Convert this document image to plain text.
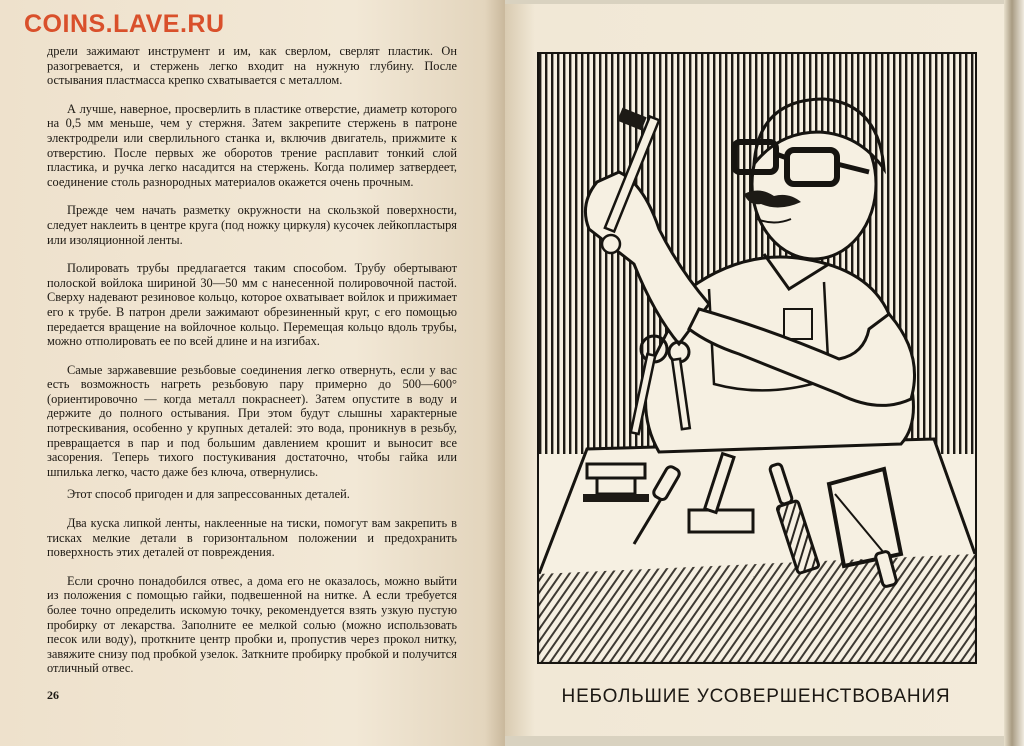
дрели зажимают инструмент и им, как сверлом, сверлят пластик. Он разогревается, и стержень легко входит на нужную глубину. После остывания пластмасса крепко схватывается с металлом.

А лучше, наверное, просверлить в пластике отверстие, диаметр которого на 0,5 мм меньше, чем у стержня. Затем закрепите стержень в патроне электродрели или сверлильного станка и, включив двигатель, прижмите к отверстию. После первых же оборотов трение расплавит тонкий слой пластика, и ручка легко насадится на стержень. Когда полимер затвердеет, соединение столь разнородных материалов окажется очень прочным.

Прежде чем начать разметку окружности на скользкой поверхности, следует наклеить в центре круга (под ножку циркуля) кусочек лейкопластыря или изоляционной ленты.

Полировать трубы предлагается таким способом. Трубу обертывают полоской войлока шириной 30—50 мм с нанесенной полировочной пастой. Сверху надевают резиновое кольцо, которое охватывает войлок и прижимает его к трубе. В патрон дрели зажимают обрезиненный круг, с его помощью передается вращение на войлочное кольцо. Перемещая кольцо вдоль трубы, можно отполировать ее по всей длине и на изгибах.

Самые заржавевшие резьбовые соединения легко отвернуть, если у вас есть возможность нагреть резьбовую пару примерно до 500—600° (ориентировочно — когда металл покраснеет). Затем опустите в воду и держите до полного остывания. При этом будут слышны характерные потрескивания, особенно у крупных деталей: это вода, проникнув в резьбу, превращается в пар и под большим давлением крошит и выносит все засорения. Теперь тихого постукивания достаточно, чтобы гайка или шпилька легко, часто даже без ключа, отвернулись.

Этот способ пригоден и для запрессованных деталей.

Два куска липкой ленты, наклеенные на тиски, помогут вам закрепить в тисках мелкие детали в горизонтальном положении и предохранить поверхность этих деталей от повреждения.

Если срочно понадобился отвес, а дома его не оказалось, можно выйти из положения с помощью гайки, подвешенной на нитке. А если требуется более точно определить искомую точку, рекомендуется взять узкую пустую пробирку от лекарства. Заполните ее мелкой солью (можно использовать песок или воду), проткните центр пробки и, пропустив через прокол нитку, завяжите снизу под пробкой узелок. Заткните пробирку пробкой и получится отличный отвес.

26	НЕБОЛЬШИЕ УСОВЕРШЕНСТВОВАНИЯ
COINS.LAVE.RU
